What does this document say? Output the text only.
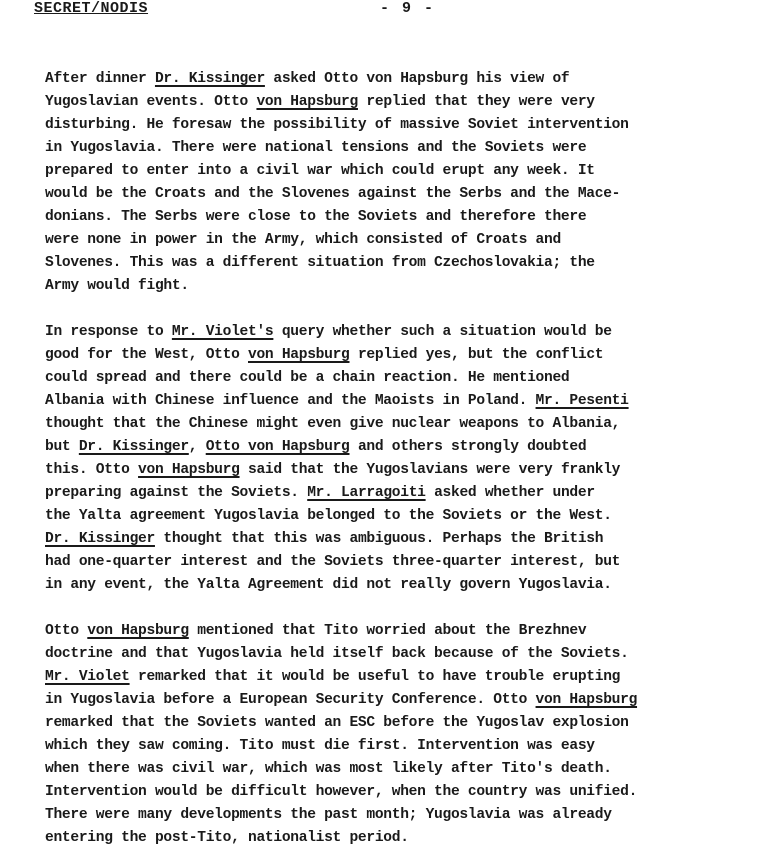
SECRET/NODIS	- 9 -
After dinner Dr. Kissinger asked Otto von Hapsburg his view of
Yugoslavian events. Otto von Hapsburg replied that they were very
disturbing. He foresaw the possibility of massive Soviet intervention
in Yugoslavia. There were national tensions and the Soviets were
prepared to enter into a civil war which could erupt any week. It
would be the Croats and the Slovenes against the Serbs and the Mace-
donians. The Serbs were close to the Soviets and therefore there
were none in power in the Army, which consisted of Croats and
Slovenes. This was a different situation from Czechoslovakia; the
Army would fight.
In response to Mr. Violet's query whether such a situation would be
good for the West, Otto von Hapsburg replied yes, but the conflict
could spread and there could be a chain reaction. He mentioned
Albania with Chinese influence and the Maoists in Poland. Mr. Pesenti
thought that the Chinese might even give nuclear weapons to Albania,
but Dr. Kissinger, Otto von Hapsburg and others strongly doubted
this. Otto von Hapsburg said that the Yugoslavians were very frankly
preparing against the Soviets. Mr. Larragoiti asked whether under
the Yalta agreement Yugoslavia belonged to the Soviets or the West.
Dr. Kissinger thought that this was ambiguous. Perhaps the British
had one-quarter interest and the Soviets three-quarter interest, but
in any event, the Yalta Agreement did not really govern Yugoslavia.
Otto von Hapsburg mentioned that Tito worried about the Brezhnev
doctrine and that Yugoslavia held itself back because of the Soviets.
Mr. Violet remarked that it would be useful to have trouble erupting
in Yugoslavia before a European Security Conference. Otto von Hapsburg
remarked that the Soviets wanted an ESC before the Yugoslav explosion
which they saw coming. Tito must die first. Intervention was easy
when there was civil war, which was most likely after Tito's death.
Intervention would be difficult however, when the country was unified.
There were many developments the past month; Yugoslavia was already
entering the post-Tito, nationalist period.
